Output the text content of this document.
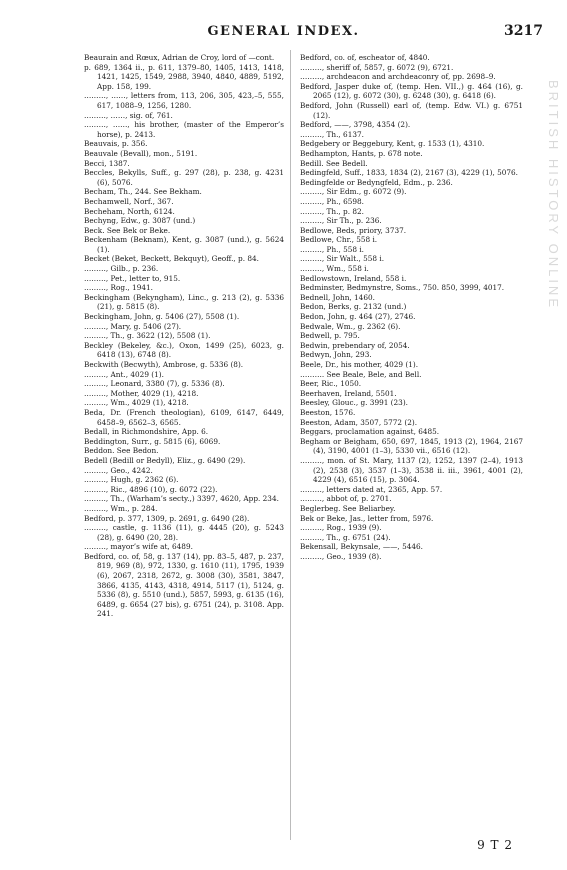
GENERAL INDEX.	3217

Beaurain and Rœux, Adrian de Croy, lord of —cont.

p. 689, 1364 ii., p. 611, 1379–80, 1405, 1413, 1418, 1421, 1425, 1549, 2988, 3940, 4840, 4889, 5192, App. 158, 199.

………, ……, letters from, 113, 206, 305, 423,–5, 555, 617, 1088–9, 1256, 1280.

………, ……, sig. of, 761.

………, ……, his brother, (master of the Emperor’s horse), p. 2413.

Beauvais, p. 356.

Beauvale (Bevall), mon., 5191.

Becci, 1387.

Beccles, Bekylls, Suff., g. 297 (28), p. 238, g. 4231 (6), 5076.

Becham, Th., 244. See Bekham.

Bechamwell, Norf., 367.

Becheham, North, 6124.

Bechyng, Edw., g. 3087 (und.)

Beck. See Bek or Beke.

Beckenham (Beknam), Kent, g. 3087 (und.), g. 5624 (1).

Becket (Beket, Beckett, Bekquyt), Geoff., p. 84.

………, Gilb., p. 236.

………, Pet., letter to, 915.

………, Rog., 1941.

Beckingham (Bekyngham), Linc., g. 213 (2), g. 5336 (21), g. 5815 (8).

Beckingham, John, g. 5406 (27), 5508 (1).

………, Mary, g. 5406 (27).

………, Th., g. 3622 (12), 5508 (1).

Beckley (Bekeley, &c.), Oxon, 1499 (25), 6023, g. 6418 (13), 6748 (8).

Beckwith (Becwyth), Ambrose, g. 5336 (8).

………, Ant., 4029 (1).

………, Leonard, 3380 (7), g. 5336 (8).

………, Mother, 4029 (1), 4218.

………, Wm., 4029 (1), 4218.

Beda, Dr. (French theologian), 6109, 6147, 6449, 6458–9, 6562–3, 6565.

Bedall, in Richmondshire, App. 6.

Beddington, Surr., g. 5815 (6), 6069.

Beddon. See Bedon.

Bedell (Bedill or Bedyll), Eliz., g. 6490 (29).

………, Geo., 4242.

………, Hugh, g. 2362 (6).

………, Ric., 4896 (10), g. 6072 (22).

………, Th., (Warham’s secty.,) 3397, 4620, App. 234.

………, Wm., p. 284.

Bedford, p. 377, 1309, p. 2691, g. 6490 (28).

………, castle, g. 1136 (11), g. 4445 (20), g. 5243 (28), g. 6490 (20, 28).

………, mayor’s wife at, 6489.

Bedford, co. of, 58, g. 137 (14), pp. 83–5, 487, p. 237, 819, 969 (8), 972, 1330, g. 1610 (11), 1795, 1939 (6), 2067, 2318, 2672, g. 3008 (30), 3581, 3847, 3866, 4135, 4143, 4318, 4914, 5117 (1), 5124, g. 5336 (8), g. 5510 (und.), 5857, 5993, g. 6135 (16), 6489, g. 6654 (27 bis), g. 6751 (24), p. 3108. App. 241.

Bedford, co. of, escheator of, 4840.

………, sheriff of, 5857, g. 6072 (9), 6721.

………, archdeacon and archdeaconry of, pp. 2698–9.

Bedford, Jasper duke of, (temp. Hen. VII.,) g. 464 (16), g. 2065 (12), g. 6072 (30), g. 6248 (30), g. 6418 (6).

Bedford, John (Russell) earl of, (temp. Edw. VI.) g. 6751 (12).

Bedford, ——, 3798, 4354 (2).

………, Th., 6137.

Bedgebery or Beggebury, Kent, g. 1533 (1), 4310.

Bedhampton, Hants, p. 678 note.

Bedill. See Bedell.

Bedingfeld, Suff., 1833, 1834 (2), 2167 (3), 4229 (1), 5076.

Bedingfelde or Bedyngfeld, Edm., p. 236.

………, Sir Edm., g. 6072 (9).

………, Ph., 6598.

………, Th., p. 82.

………, Sir Th., p. 236.

Bedlowe, Beds, priory, 3737.

Bedlowe, Chr., 558 i.

………, Ph., 558 i.

………, Sir Walt., 558 i.

………, Wm., 558 i.

Bedlowstown, Ireland, 558 i.

Bedminster, Bedmynstre, Soms., 750. 850, 3999, 4017.

Bednell, John, 1460.

Bedon, Berks, g. 2132 (und.)

Bedon, John, g. 464 (27), 2746.

Bedwale, Wm., g. 2362 (6).

Bedwell, p. 795.

Bedwin, prebendary of, 2054.

Bedwyn, John, 293.

Beele, Dr., his mother, 4029 (1).

………. See Beale, Bele, and Bell.

Beer, Ric., 1050.

Beerhaven, Ireland, 5501.

Beesley, Glouc., g. 3991 (23).

Beeston, 1576.

Beeston, Adam, 3507, 5772 (2).

Beggars, proclamation against, 6485.

Begham or Beigham, 650, 697, 1845, 1913 (2), 1964, 2167 (4), 3190, 4001 (1–3), 5330 vii., 6516 (12).

………, mon. of St. Mary, 1137 (2), 1252, 1397 (2–4), 1913 (2), 2538 (3), 3537 (1–3), 3538 ii. iii., 3961, 4001 (2), 4229 (4), 6516 (15), p. 3064.

………, letters dated at, 2365, App. 57.

………, abbot of, p. 2701.

Beglerbeg. See Beliarbey.

Bek or Beke, Jas., letter from, 5976.

………, Rog., 1939 (9).

………, Th., g. 6751 (24).

Bekensall, Bekynsale, ——, 5446.

………, Geo., 1939 (8).

BRITISH HISTORY ONLINE
9 T 2
